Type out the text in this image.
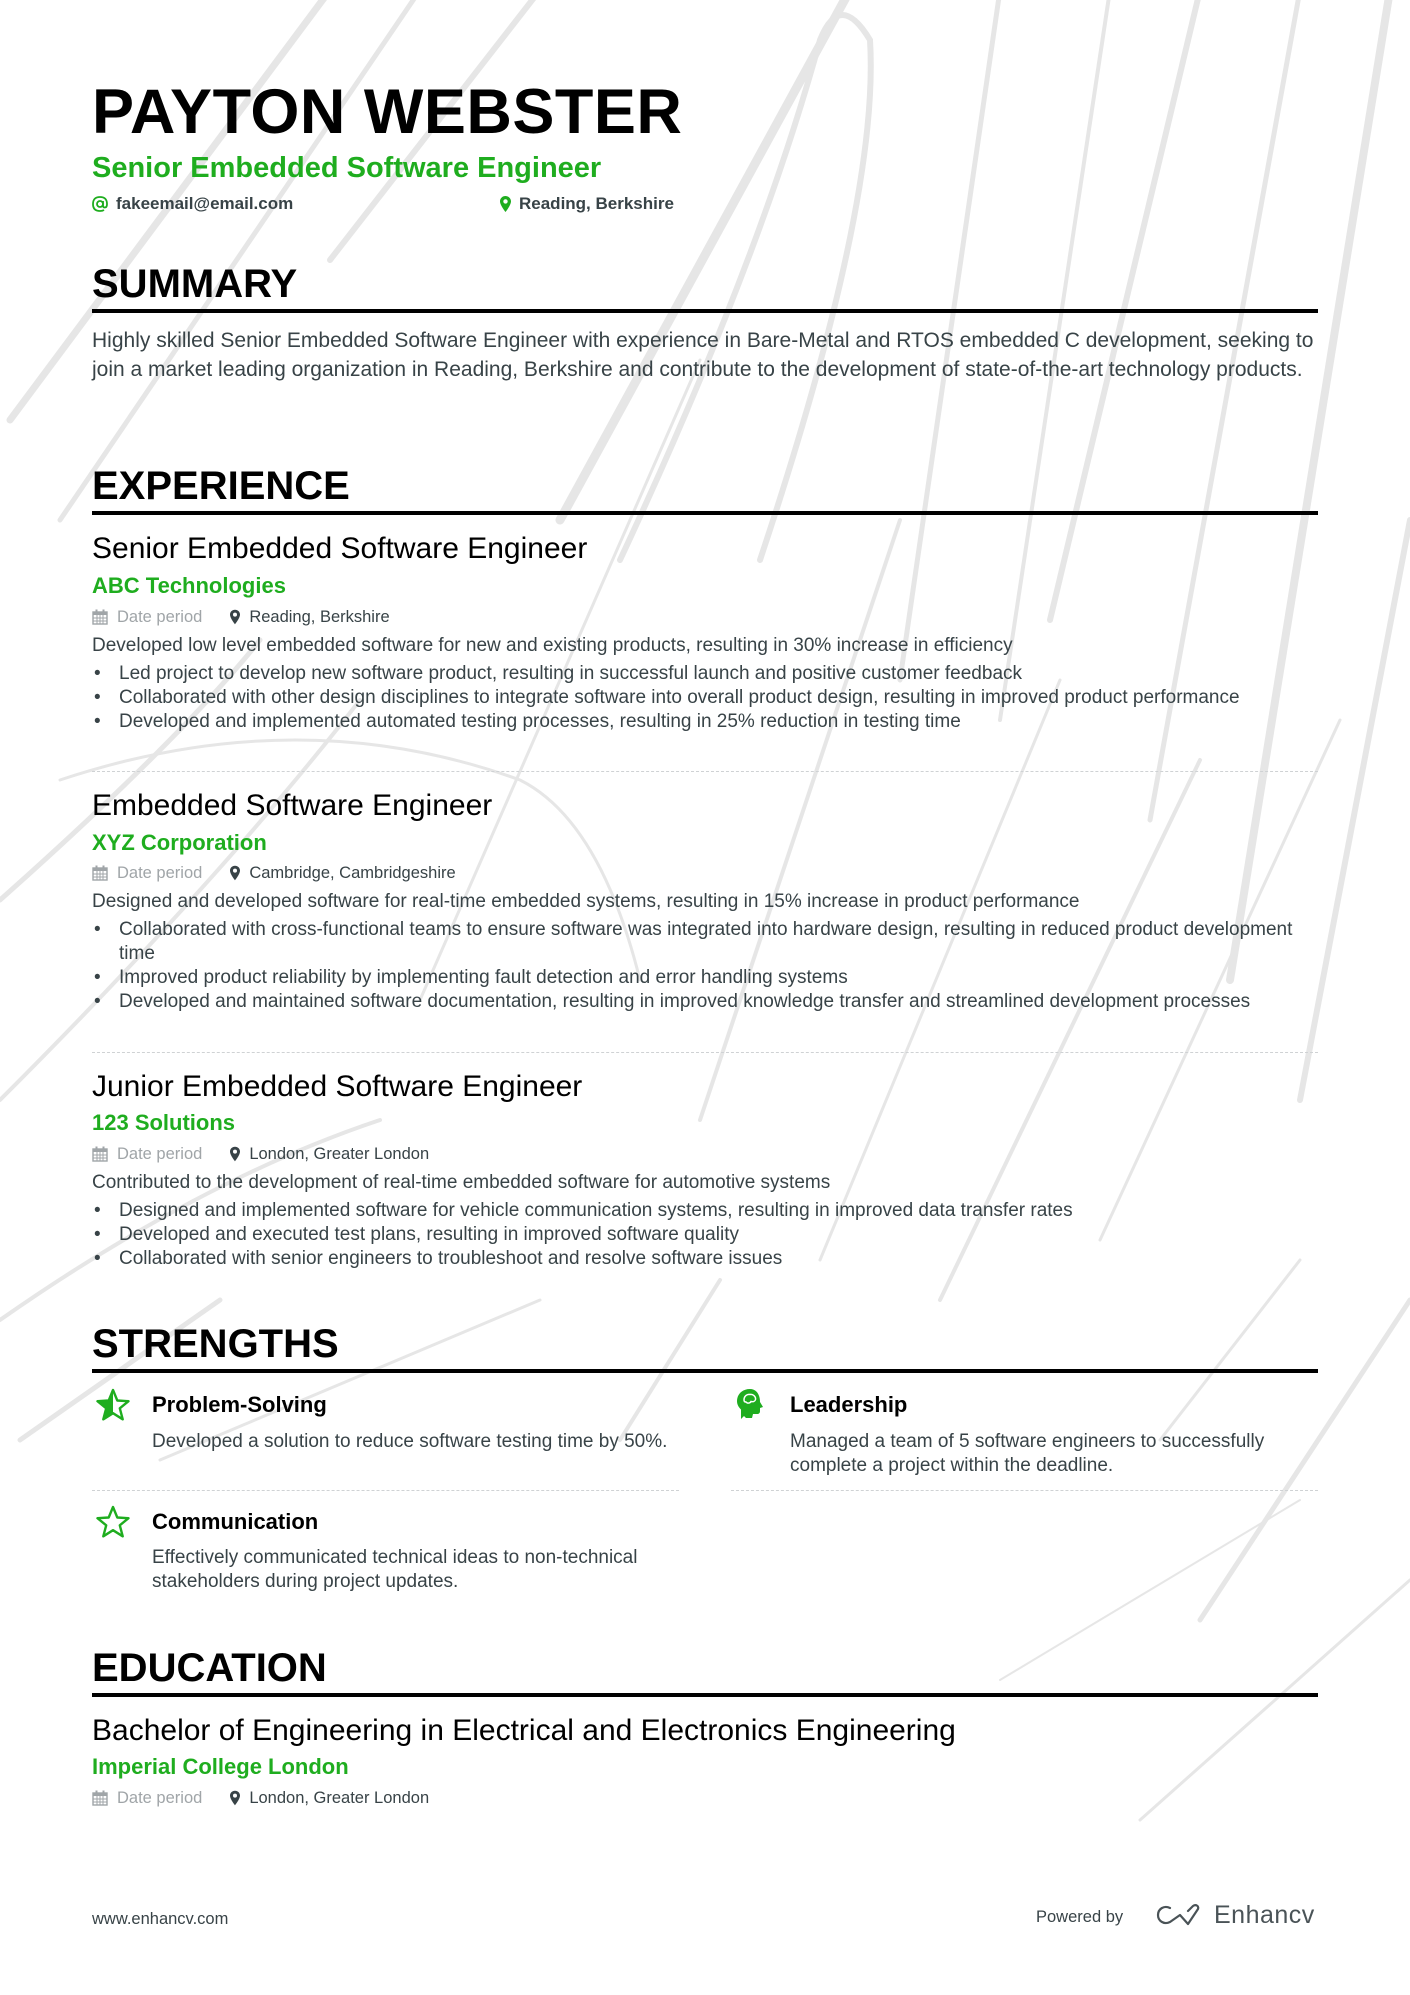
PAYTON WEBSTER
Senior Embedded Software Engineer
fakeemail@email.com	Reading, Berkshire
SUMMARY
Highly skilled Senior Embedded Software Engineer with experience in Bare-Metal and RTOS embedded C development, seeking to join a market leading organization in Reading, Berkshire and contribute to the development of state-of-the-art technology products.
EXPERIENCE
Senior Embedded Software Engineer
ABC Technologies
Date period	Reading, Berkshire
Developed low level embedded software for new and existing products, resulting in 30% increase in efficiency
• Led project to develop new software product, resulting in successful launch and positive customer feedback
• Collaborated with other design disciplines to integrate software into overall product design, resulting in improved product performance
• Developed and implemented automated testing processes, resulting in 25% reduction in testing time
Embedded Software Engineer
XYZ Corporation
Date period	Cambridge, Cambridgeshire
Designed and developed software for real-time embedded systems, resulting in 15% increase in product performance
• Collaborated with cross-functional teams to ensure software was integrated into hardware design, resulting in reduced product development time
• Improved product reliability by implementing fault detection and error handling systems
• Developed and maintained software documentation, resulting in improved knowledge transfer and streamlined development processes
Junior Embedded Software Engineer
123 Solutions
Date period	London, Greater London
Contributed to the development of real-time embedded software for automotive systems
• Designed and implemented software for vehicle communication systems, resulting in improved data transfer rates
• Developed and executed test plans, resulting in improved software quality
• Collaborated with senior engineers to troubleshoot and resolve software issues
STRENGTHS
Problem-Solving
Developed a solution to reduce software testing time by 50%.
Leadership
Managed a team of 5 software engineers to successfully complete a project within the deadline.
Communication
Effectively communicated technical ideas to non-technical stakeholders during project updates.
EDUCATION
Bachelor of Engineering in Electrical and Electronics Engineering
Imperial College London
Date period	London, Greater London
www.enhancv.com	Powered by	Enhancv
